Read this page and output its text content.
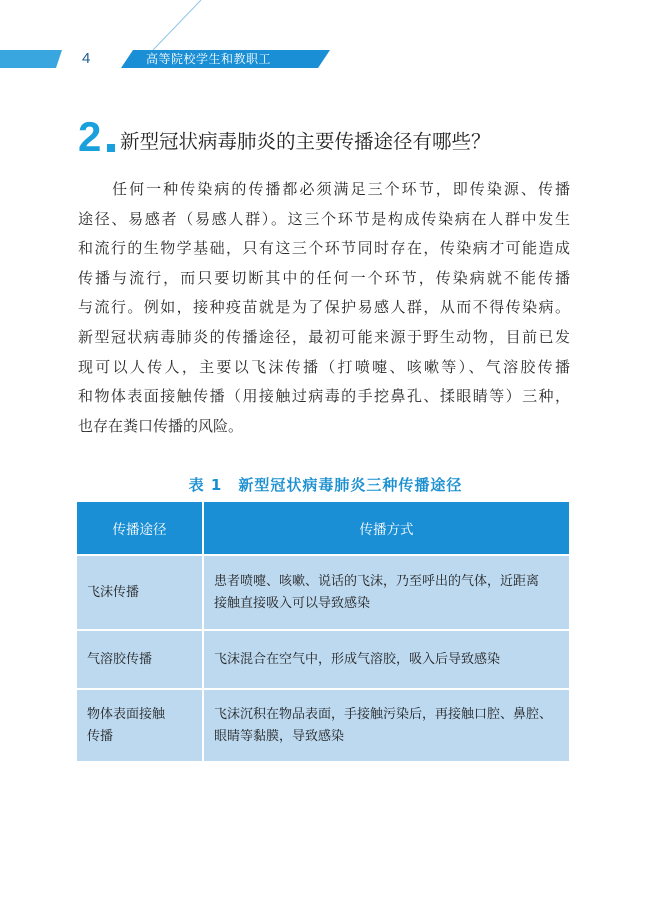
4	高等院校学生和教职工
2 新型冠状病毒肺炎的主要传播途径有哪些？

　　任何一种传染病的传播都必须满足三个环节，即传染源、传播
途径、易感者（易感人群）。这三个环节是构成传染病在人群中发生
和流行的生物学基础，只有这三个环节同时存在，传染病才可能造成
传播与流行，而只要切断其中的任何一个环节，传染病就不能传播
与流行。例如，接种疫苗就是为了保护易感人群，从而不得传染病。
新型冠状病毒肺炎的传播途径，最初可能来源于野生动物，目前已发
现可以人传人，主要以飞沫传播（打喷嚏、咳嗽等）、气溶胶传播
和物体表面接触传播（用接触过病毒的手挖鼻孔、揉眼睛等）三种，
也存在粪口传播的风险。

表 1　新型冠状病毒肺炎三种传播途径
传播途径	传播方式
飞沫传播	患者喷嚏、咳嗽、说话的飞沫，乃至呼出的气体，近距离
接触直接吸入可以导致感染
气溶胶传播	飞沫混合在空气中，形成气溶胶，吸入后导致感染
物体表面接触
传播	飞沫沉积在物品表面，手接触污染后，再接触口腔、鼻腔、
眼睛等黏膜，导致感染
